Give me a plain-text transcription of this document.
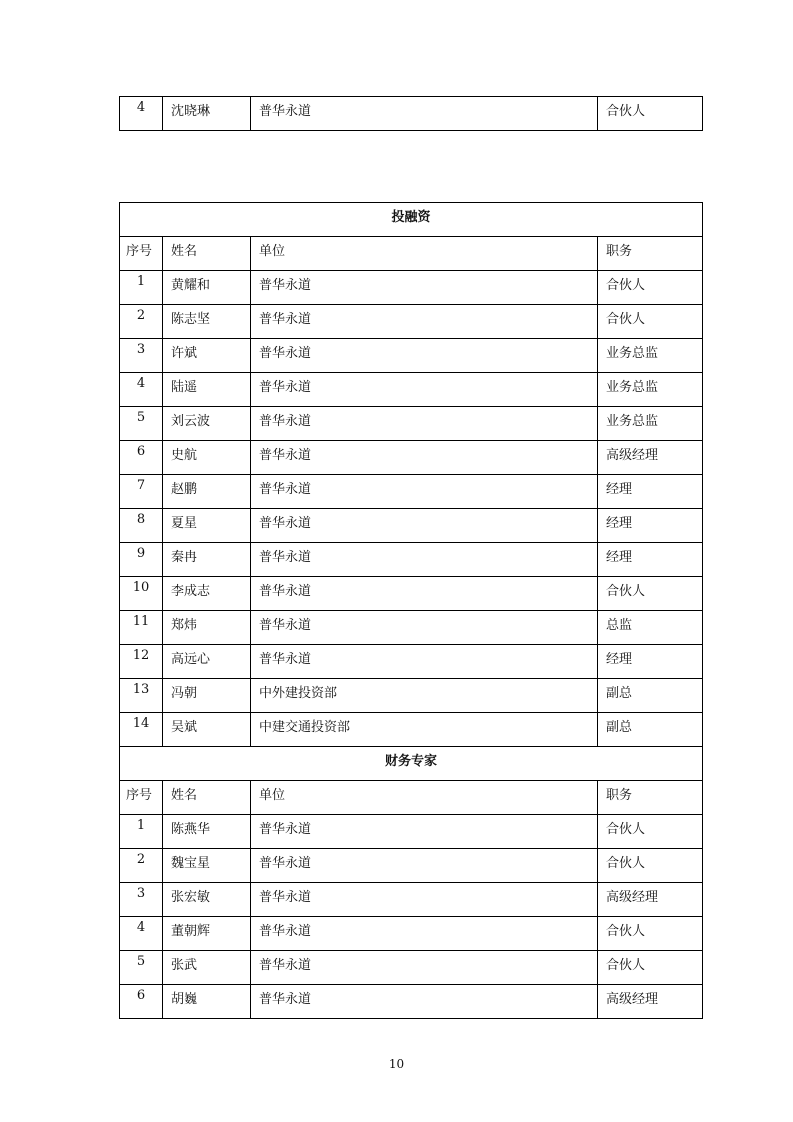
4	沈晓琳	普华永道	合伙人
投融资			
序号	姓名	单位	职务
1	黄耀和	普华永道	合伙人
2	陈志坚	普华永道	合伙人
3	许斌	普华永道	业务总监
4	陆遥	普华永道	业务总监
5	刘云波	普华永道	业务总监
6	史航	普华永道	高级经理
7	赵鹏	普华永道	经理
8	夏星	普华永道	经理
9	秦冉	普华永道	经理
10	李成志	普华永道	合伙人
11	郑炜	普华永道	总监
12	高远心	普华永道	经理
13	冯朝	中外建投资部	副总
14	吴斌	中建交通投资部	副总
财务专家			
序号	姓名	单位	职务
1	陈燕华	普华永道	合伙人
2	魏宝星	普华永道	合伙人
3	张宏敏	普华永道	高级经理
4	董朝辉	普华永道	合伙人
5	张武	普华永道	合伙人
6	胡巍	普华永道	高级经理
10
